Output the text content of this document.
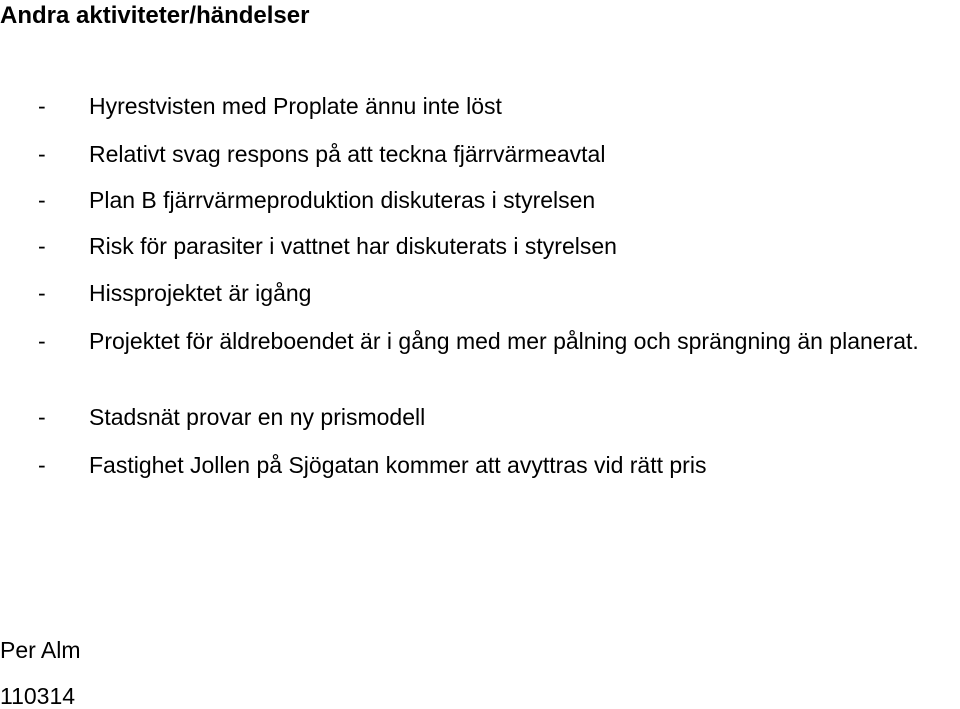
Andra aktiviteter/händelser
- Hyrestvisten med Proplate ännu inte löst
- Relativt svag respons på att teckna fjärrvärmeavtal
- Plan B fjärrvärmeproduktion diskuteras i styrelsen
- Risk för parasiter i vattnet har diskuterats i styrelsen
- Hissprojektet är igång
- Projektet för äldreboendet är i gång med mer pålning och sprängning än planerat.
- Stadsnät provar en ny prismodell
- Fastighet Jollen på Sjögatan kommer att avyttras vid rätt pris
Per Alm
110314
